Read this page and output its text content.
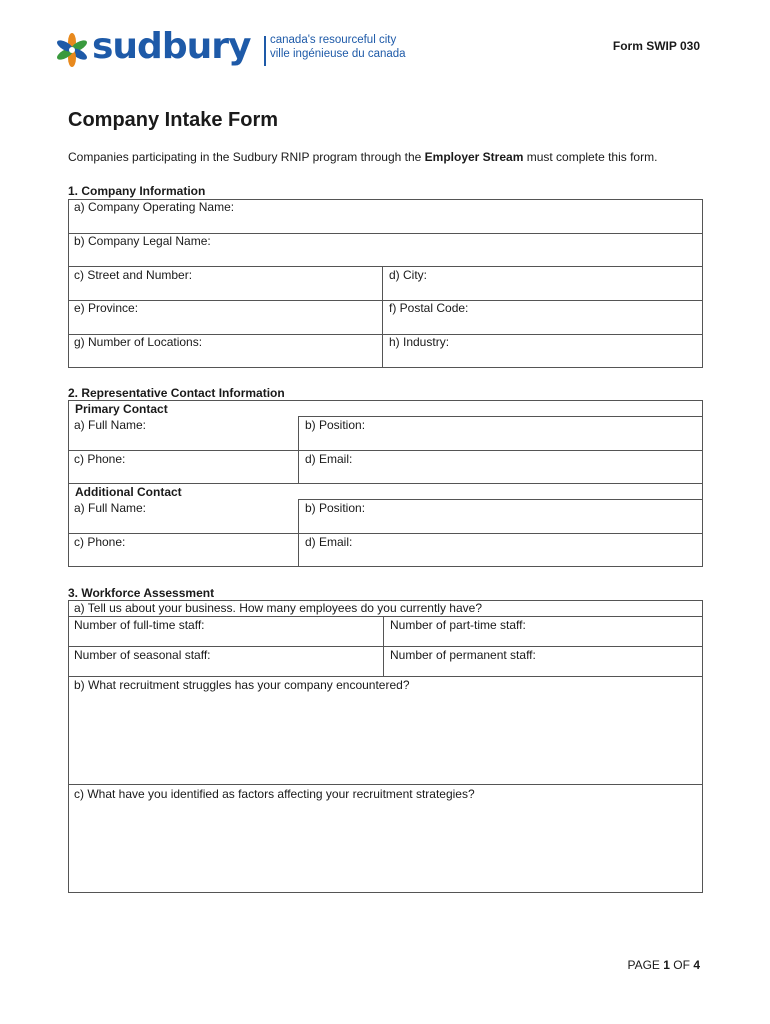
sudbury canada's resourceful city
ville ingénieuse du canada
Form SWIP 030
Company Intake Form
Companies participating in the Sudbury RNIP program through the Employer Stream must complete this form.
1. Company Information
a) Company Operating Name:
b) Company Legal Name:
c) Street and Number:	d) City:
e) Province:	f) Postal Code:
g) Number of Locations:	h) Industry:
2. Representative Contact Information
Primary Contact
a) Full Name:	b) Position:
c) Phone:	d) Email:
Additional Contact
a) Full Name:	b) Position:
c) Phone:	d) Email:
3. Workforce Assessment
a) Tell us about your business. How many employees do you currently have?
Number of full-time staff:	Number of part-time staff:
Number of seasonal staff:	Number of permanent staff:
b) What recruitment struggles has your company encountered?
c) What have you identified as factors affecting your recruitment strategies?
PAGE 1 OF 4
